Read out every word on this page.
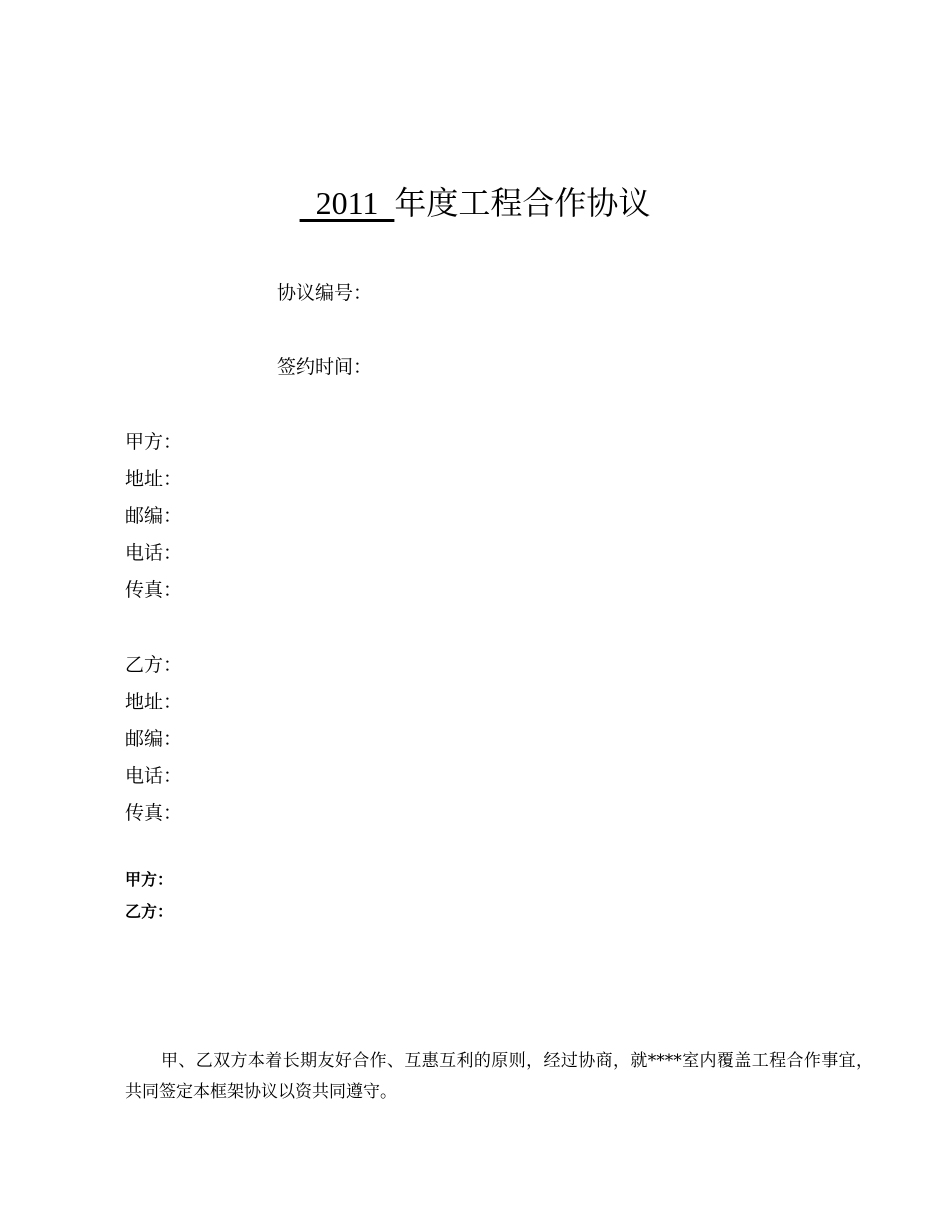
2011  年度工程合作协议
协议编号：
签约时间：
甲方：
地址：
邮编：
电话：
传真：
乙方：
地址：
邮编：
电话：
传真：
甲方：
乙方：

甲、乙双方本着长期友好合作、互惠互利的原则，经过协商，就****室内覆盖工程合作事宜，共同签定本框架协议以资共同遵守。
